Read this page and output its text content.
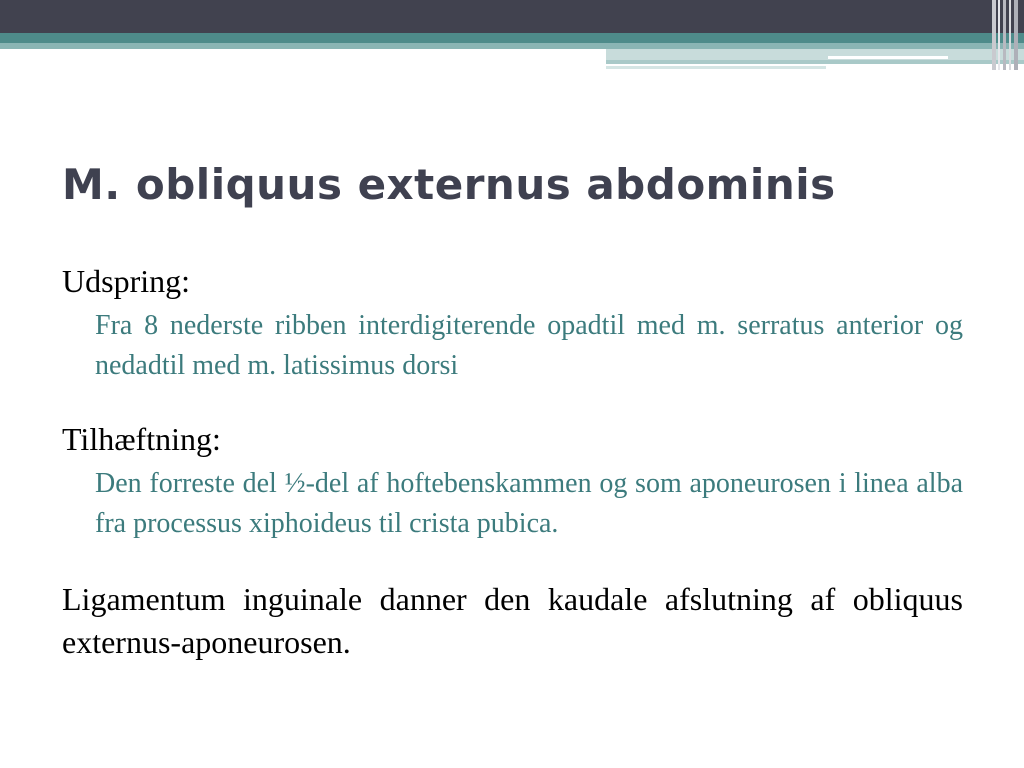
M. obliquus externus abdominis

Udspring:

Fra 8 nederste ribben interdigiterende opadtil med m. serratus anterior og nedadtil med m. latissimus dorsi

Tilhæftning:

Den forreste del ½-del af hoftebenskammen og som aponeurosen i linea alba fra processus xiphoideus til crista pubica.

Ligamentum inguinale danner den kaudale afslutning af obliquus externus-aponeurosen.
